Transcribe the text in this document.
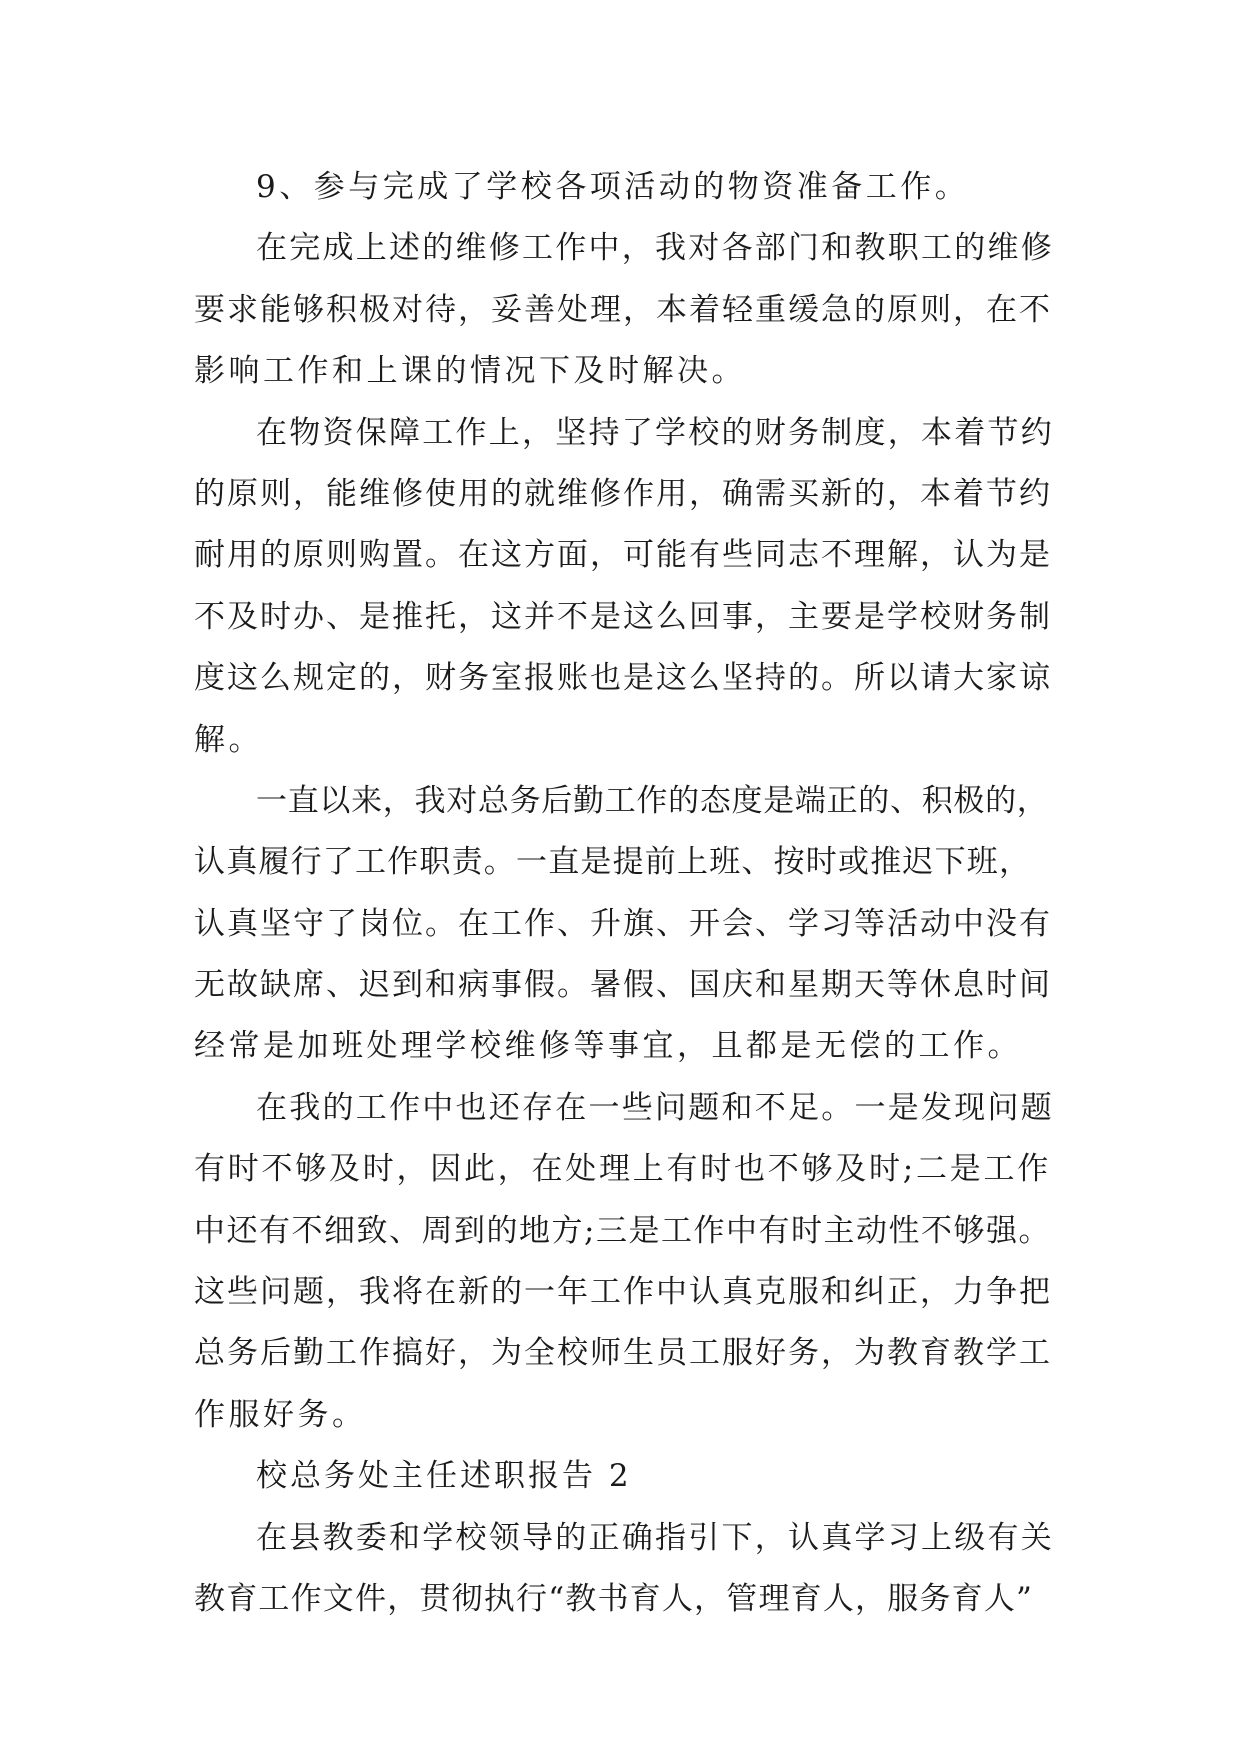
9、参与完成了学校各项活动的物资准备工作。
在完成上述的维修工作中，我对各部门和教职工的维修
要求能够积极对待，妥善处理，本着轻重缓急的原则，在不
影响工作和上课的情况下及时解决。
在物资保障工作上，坚持了学校的财务制度，本着节约
的原则，能维修使用的就维修作用，确需买新的，本着节约
耐用的原则购置。在这方面，可能有些同志不理解，认为是
不及时办、是推托，这并不是这么回事，主要是学校财务制
度这么规定的，财务室报账也是这么坚持的。所以请大家谅
解。
一直以来，我对总务后勤工作的态度是端正的、积极的，
认真履行了工作职责。一直是提前上班、按时或推迟下班，
认真坚守了岗位。在工作、升旗、开会、学习等活动中没有
无故缺席、迟到和病事假。暑假、国庆和星期天等休息时间
经常是加班处理学校维修等事宜，且都是无偿的工作。
在我的工作中也还存在一些问题和不足。一是发现问题
有时不够及时，因此，在处理上有时也不够及时;二是工作
中还有不细致、周到的地方;三是工作中有时主动性不够强。
这些问题，我将在新的一年工作中认真克服和纠正，力争把
总务后勤工作搞好，为全校师生员工服好务，为教育教学工
作服好务。
校总务处主任述职报告 2
在县教委和学校领导的正确指引下，认真学习上级有关
教育工作文件，贯彻执行“教书育人，管理育人，服务育人”
